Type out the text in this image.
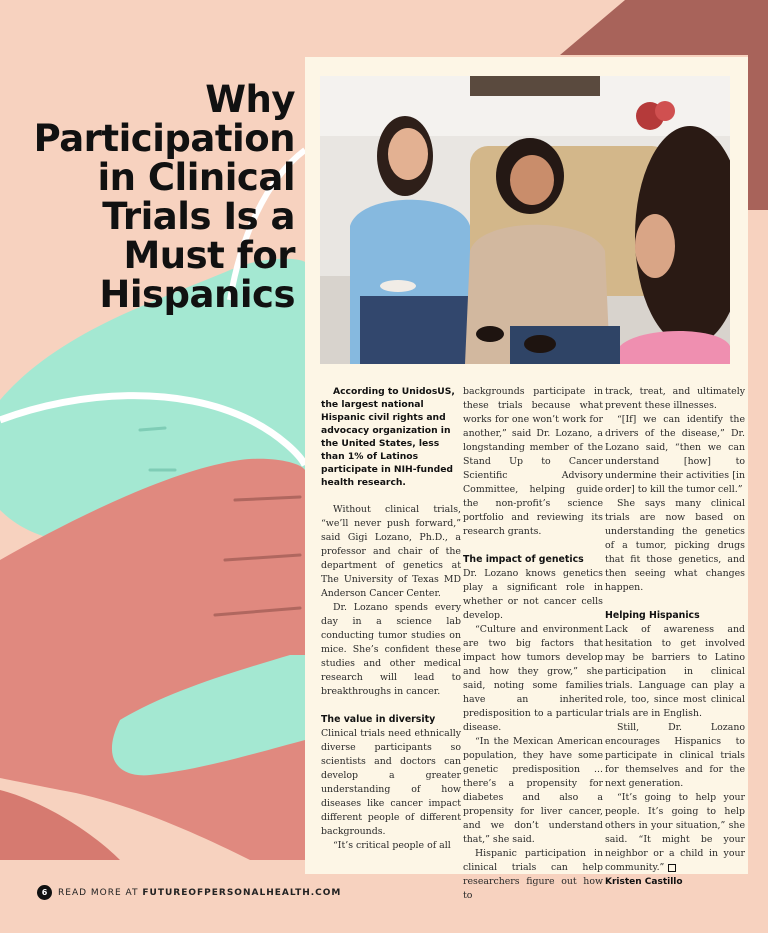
Why Participation in Clinical Trials Is a Must for Hispanics

According to UnidosUS, the largest national Hispanic civil rights and advocacy organization in the United States, less than 1% of Latinos participate in NIH-funded health research.

Without clinical trials, “we’ll never push forward,” said Gigi Lozano, Ph.D., a professor and chair of the department of genetics at The University of Texas MD Anderson Cancer Center.

Dr. Lozano spends every day in a science lab conducting tumor studies on mice. She’s confident these studies and other medical research will lead to breakthroughs in cancer.

The value in diversity

Clinical trials need ethnically diverse participants so scientists and doctors can develop a greater understanding of how diseases like cancer impact different people of different backgrounds.

“It’s critical people of all

backgrounds participate in these trials because what works for one won’t work for another,” said Dr. Lozano, a longstanding member of the Stand Up to Cancer Scientific Advisory Committee, helping guide the non-profit’s science portfolio and reviewing its research grants.

The impact of genetics

Dr. Lozano knows genetics play a significant role in whether or not cancer cells develop.

“Culture and environment are two big factors that impact how tumors develop and how they grow,” she said, noting some families have an inherited predisposition to a particular disease.

“In the Mexican American population, they have some genetic predisposition ... there’s a propensity for diabetes and also a propensity for liver cancer, and we don’t understand that,” she said.

Hispanic participation in clinical trials can help researchers figure out how to

track, treat, and ultimately prevent these illnesses.

“[If] we can identify the drivers of the disease,” Dr. Lozano said, “then we can understand [how] to undermine their activities [in order] to kill the tumor cell.”

She says many clinical trials are now based on understanding the genetics of a tumor, picking drugs that fit those genetics, and then seeing what changes happen.

Helping Hispanics

Lack of awareness and hesitation to get involved may be barriers to Latino participation in clinical trials. Language can play a role, too, since most clinical trials are in English.

Still, Dr. Lozano encourages Hispanics to participate in clinical trials for themselves and for the next generation.

“It’s going to help your people. It’s going to help others in your situation,” she said. “It might be your neighbor or a child in your community.”

Kristen Castillo

6	READ MORE AT
FUTUREOFPERSONALHEALTH.COM
